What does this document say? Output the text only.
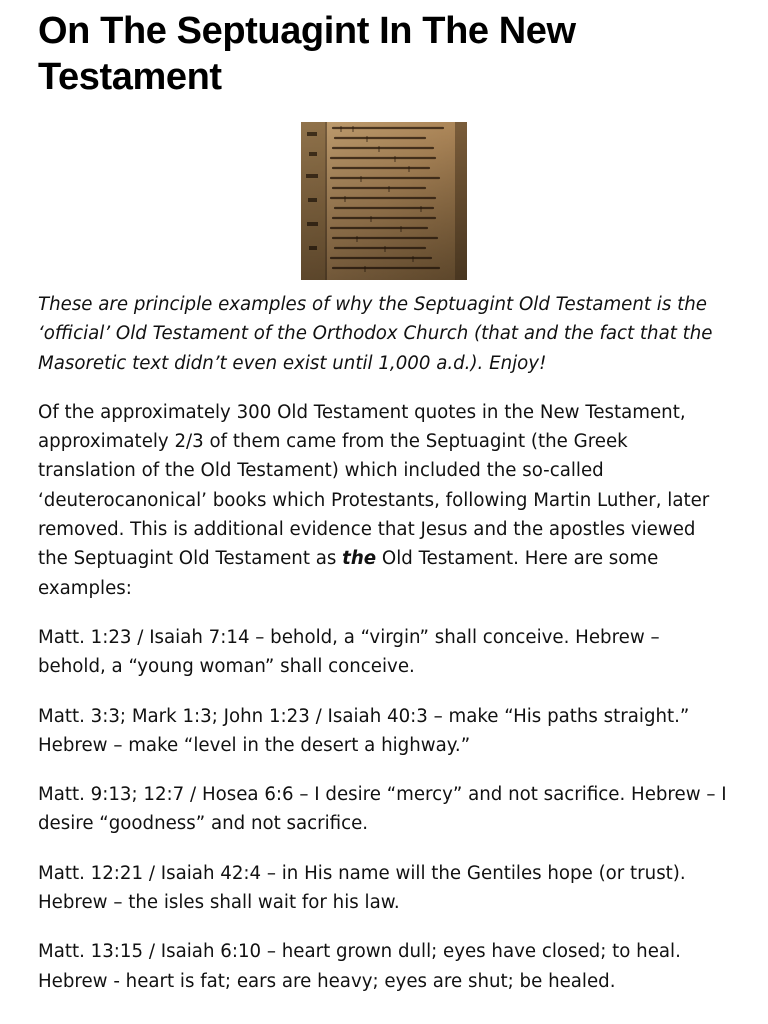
On The Septuagint In The New Testament

These are principle examples of why the Septuagint Old Testament is the ‘official’ Old Testament of the Orthodox Church (that and the fact that the Masoretic text didn’t even exist until 1,000 a.d.). Enjoy!

Of the approximately 300 Old Testament quotes in the New Testament, approximately 2/3 of them came from the Septuagint (the Greek translation of the Old Testament) which included the so-called ‘deuterocanonical’ books which Protestants, following Martin Luther, later removed. This is additional evidence that Jesus and the apostles viewed the Septuagint Old Testament as the Old Testament. Here are some examples:

Matt. 1:23 / Isaiah 7:14 – behold, a “virgin” shall conceive. Hebrew – behold, a “young woman” shall conceive.

Matt. 3:3; Mark 1:3; John 1:23 / Isaiah 40:3 – make “His paths straight.” Hebrew – make “level in the desert a highway.”

Matt. 9:13; 12:7 / Hosea 6:6 – I desire “mercy” and not sacrifice. Hebrew – I desire “goodness” and not sacrifice.

Matt. 12:21 / Isaiah 42:4 – in His name will the Gentiles hope (or trust). Hebrew – the isles shall wait for his law.

Matt. 13:15 / Isaiah 6:10 – heart grown dull; eyes have closed; to heal. Hebrew - heart is fat; ears are heavy; eyes are shut; be healed.
